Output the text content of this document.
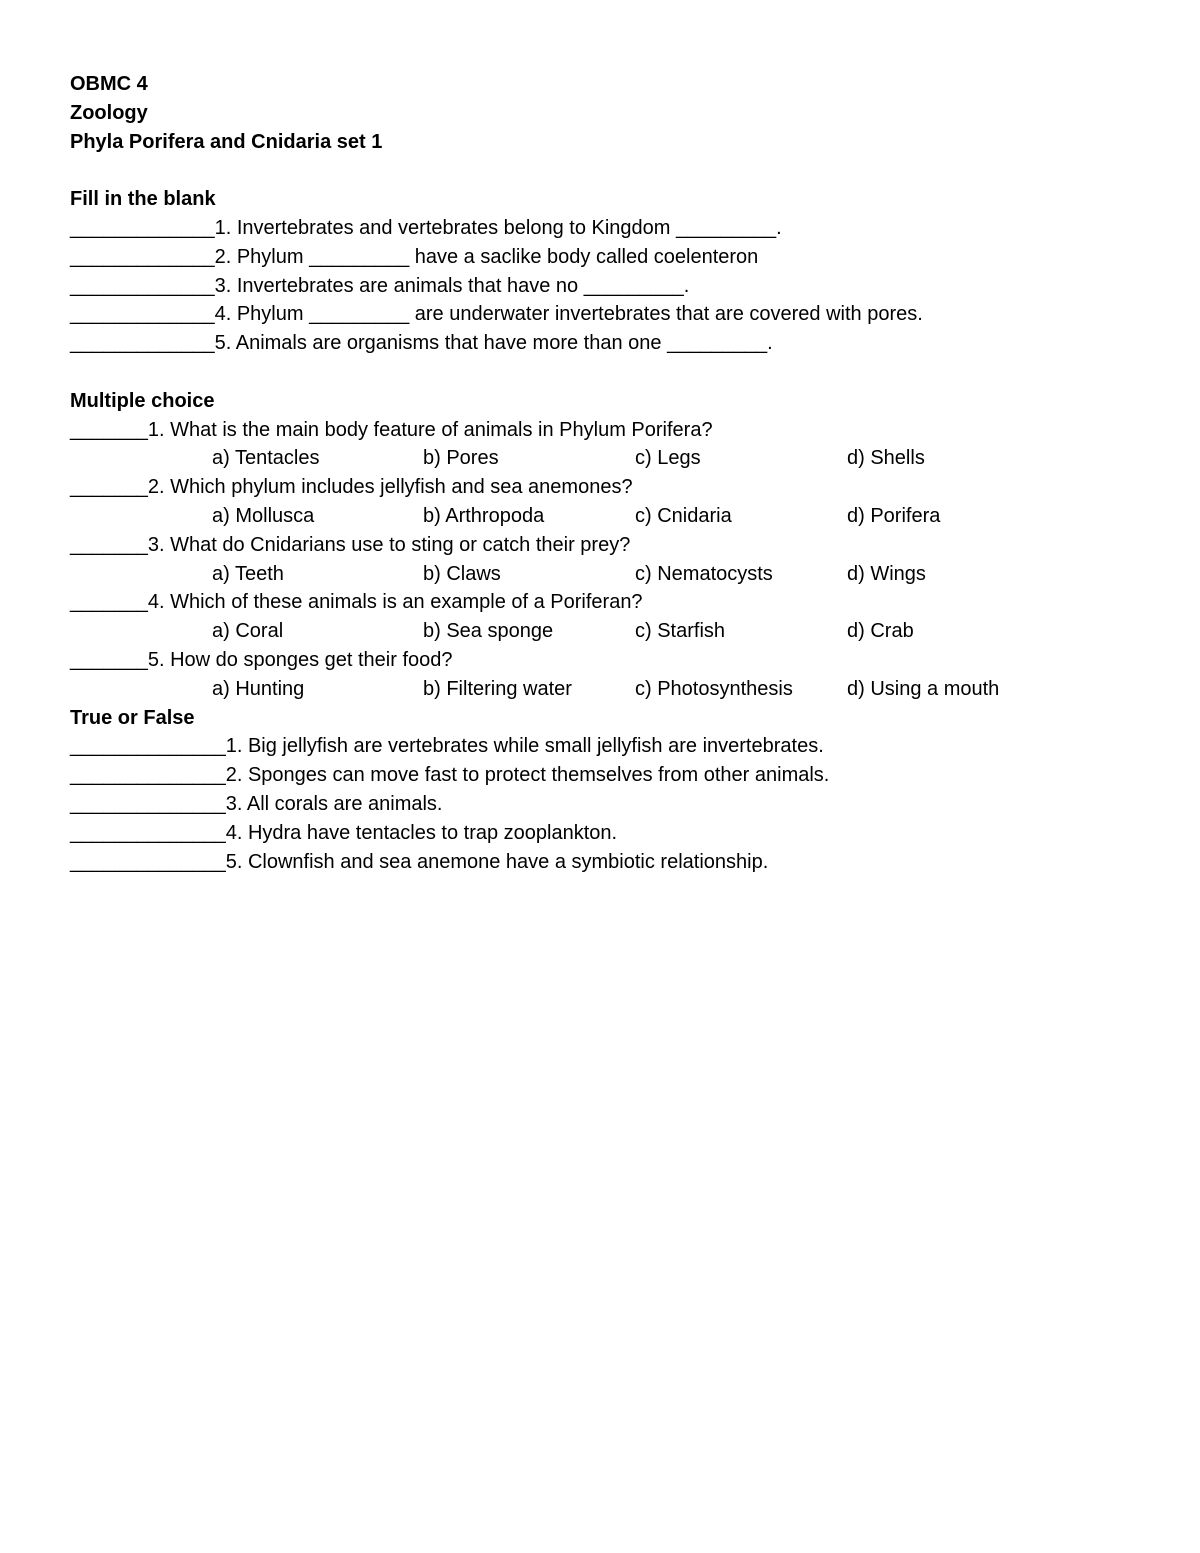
OBMC 4
Zoology
Phyla Porifera and Cnidaria set 1
Fill in the blank
_____________1. Invertebrates and vertebrates belong to Kingdom _________.
_____________2. Phylum _________ have a saclike body called coelenteron
_____________3. Invertebrates are animals that have no _________.
_____________4. Phylum _________ are underwater invertebrates that are covered with pores.
_____________5. Animals are organisms that have more than one _________.
Multiple choice
_______1. What is the main body feature of animals in Phylum Porifera?
a) Tentacles	b) Pores	c) Legs	d) Shells
_______2. Which phylum includes jellyfish and sea anemones?
a) Mollusca	b) Arthropoda	c) Cnidaria	d) Porifera
_______3. What do Cnidarians use to sting or catch their prey?
a) Teeth	b) Claws	c) Nematocysts	d) Wings
_______4. Which of these animals is an example of a Poriferan?
a) Coral	b) Sea sponge	c) Starfish	d) Crab
_______5. How do sponges get their food?
a) Hunting	b) Filtering water	c) Photosynthesis	d) Using a mouth
True or False
______________1. Big jellyfish are vertebrates while small jellyfish are invertebrates.
______________2. Sponges can move fast to protect themselves from other animals.
______________3. All corals are animals.
______________4. Hydra have tentacles to trap zooplankton.
______________5. Clownfish and sea anemone have a symbiotic relationship.
